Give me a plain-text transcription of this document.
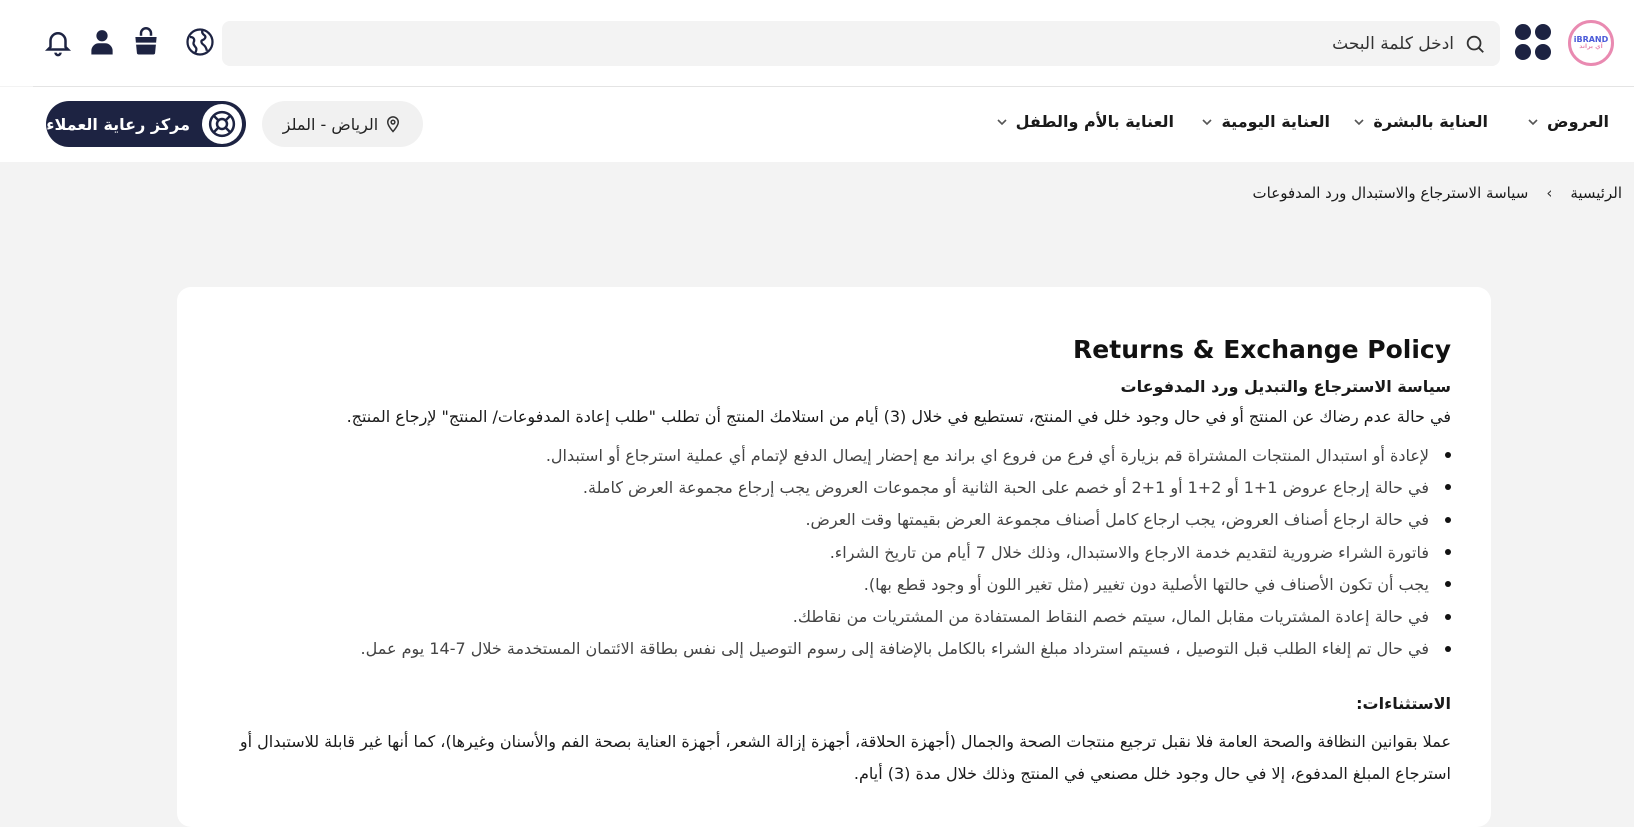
iBRAND
آي براند
ادخل كلمة البحث
العروض
العناية بالبشرة
العناية اليومية
العناية بالأم والطفل
الرياض - الملز
مركز رعاية العملاء
الرئيسية
›
سياسة الاسترجاع والاستبدال ورد المدفوعات
Returns & Exchange Policy
سياسة الاسترجاع والتبديل ورد المدفوعات

في حالة عدم رضاك عن المنتج أو في حال وجود خلل في المنتج، تستطيع في خلال (3) أيام من استلامك المنتج أن تطلب "طلب إعادة المدفوعات/ المنتج" لإرجاع المنتج.

لإعادة أو استبدال المنتجات المشتراة قم بزيارة أي فرع من فروع اي براند مع إحضار إيصال الدفع لإتمام أي عملية استرجاع أو استبدال.
في حالة إرجاع عروض 1+1 أو 2+1 أو 1+2 أو خصم على الحبة الثانية أو مجموعات العروض يجب إرجاع مجموعة العرض كاملة.
في حالة ارجاع أصناف العروض، يجب ارجاع كامل أصناف مجموعة العرض بقيمتها وقت العرض.
فاتورة الشراء ضرورية لتقديم خدمة الارجاع والاستبدال، وذلك خلال 7 أيام من تاريخ الشراء.
يجب أن تكون الأصناف في حالتها الأصلية دون تغيير (مثل تغير اللون أو وجود قطع بها).
في حالة إعادة المشتريات مقابل المال، سيتم خصم النقاط المستفادة من المشتريات من نقاطك.
في حال تم إلغاء الطلب قبل التوصيل ، فسيتم استرداد مبلغ الشراء بالكامل بالإضافة إلى رسوم التوصيل إلى نفس بطاقة الائتمان المستخدمة خلال 7-14 يوم عمل.
الاستثناءات:

عملا بقوانين النظافة والصحة العامة فلا نقبل ترجيع منتجات الصحة والجمال (أجهزة الحلاقة، أجهزة إزالة الشعر، أجهزة العناية بصحة الفم والأسنان وغيرها)، كما أنها غير قابلة للاستبدال أو استرجاع المبلغ المدفوع، إلا في حال وجود خلل مصنعي في المنتج وذلك خلال مدة (3) أيام.
